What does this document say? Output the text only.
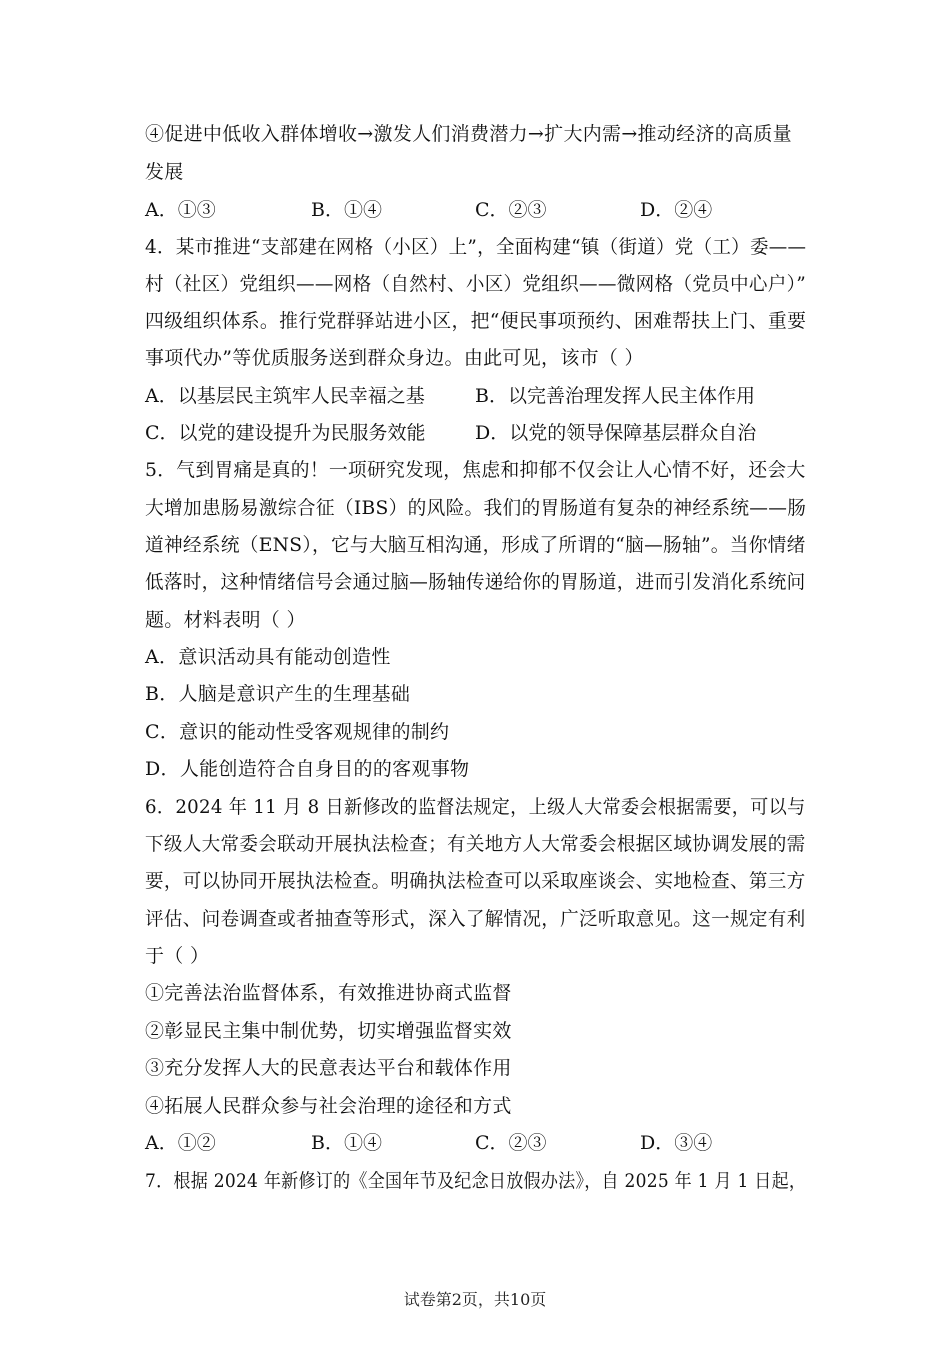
④促进中低收入群体增收→激发人们消费潜力→扩大内需→推动经济的高质量
发展
A．①③	B．①④	C．②③	D．②④
4．某市推进“支部建在网格（小区）上”，全面构建“镇（街道）党（工）委——
村（社区）党组织——网格（自然村、小区）党组织——微网格（党员中心户）”
四级组织体系。推行党群驿站进小区，把“便民事项预约、困难帮扶上门、重要
事项代办”等优质服务送到群众身边。由此可见，该市（ ）
A．以基层民主筑牢人民幸福之基	B．以完善治理发挥人民主体作用
C．以党的建设提升为民服务效能	D．以党的领导保障基层群众自治
5．气到胃痛是真的！一项研究发现，焦虑和抑郁不仅会让人心情不好，还会大
大增加患肠易激综合征（IBS）的风险。我们的胃肠道有复杂的神经系统——肠
道神经系统（ENS），它与大脑互相沟通，形成了所谓的“脑—肠轴”。当你情绪
低落时，这种情绪信号会通过脑—肠轴传递给你的胃肠道，进而引发消化系统问
题。材料表明（ ）
A．意识活动具有能动创造性
B．人脑是意识产生的生理基础
C．意识的能动性受客观规律的制约
D．人能创造符合自身目的的客观事物
6．2024 年 11 月 8 日新修改的监督法规定，上级人大常委会根据需要，可以与
下级人大常委会联动开展执法检查；有关地方人大常委会根据区域协调发展的需
要，可以协同开展执法检查。明确执法检查可以采取座谈会、实地检查、第三方
评估、问卷调查或者抽查等形式，深入了解情况，广泛听取意见。这一规定有利
于（ ）
①完善法治监督体系，有效推进协商式监督
②彰显民主集中制优势，切实增强监督实效
③充分发挥人大的民意表达平台和载体作用
④拓展人民群众参与社会治理的途径和方式
A．①②	B．①④	C．②③	D．③④
7．根据 2024 年新修订的《全国年节及纪念日放假办法》，自 2025 年 1 月 1 日起，
试卷第2页，共10页
